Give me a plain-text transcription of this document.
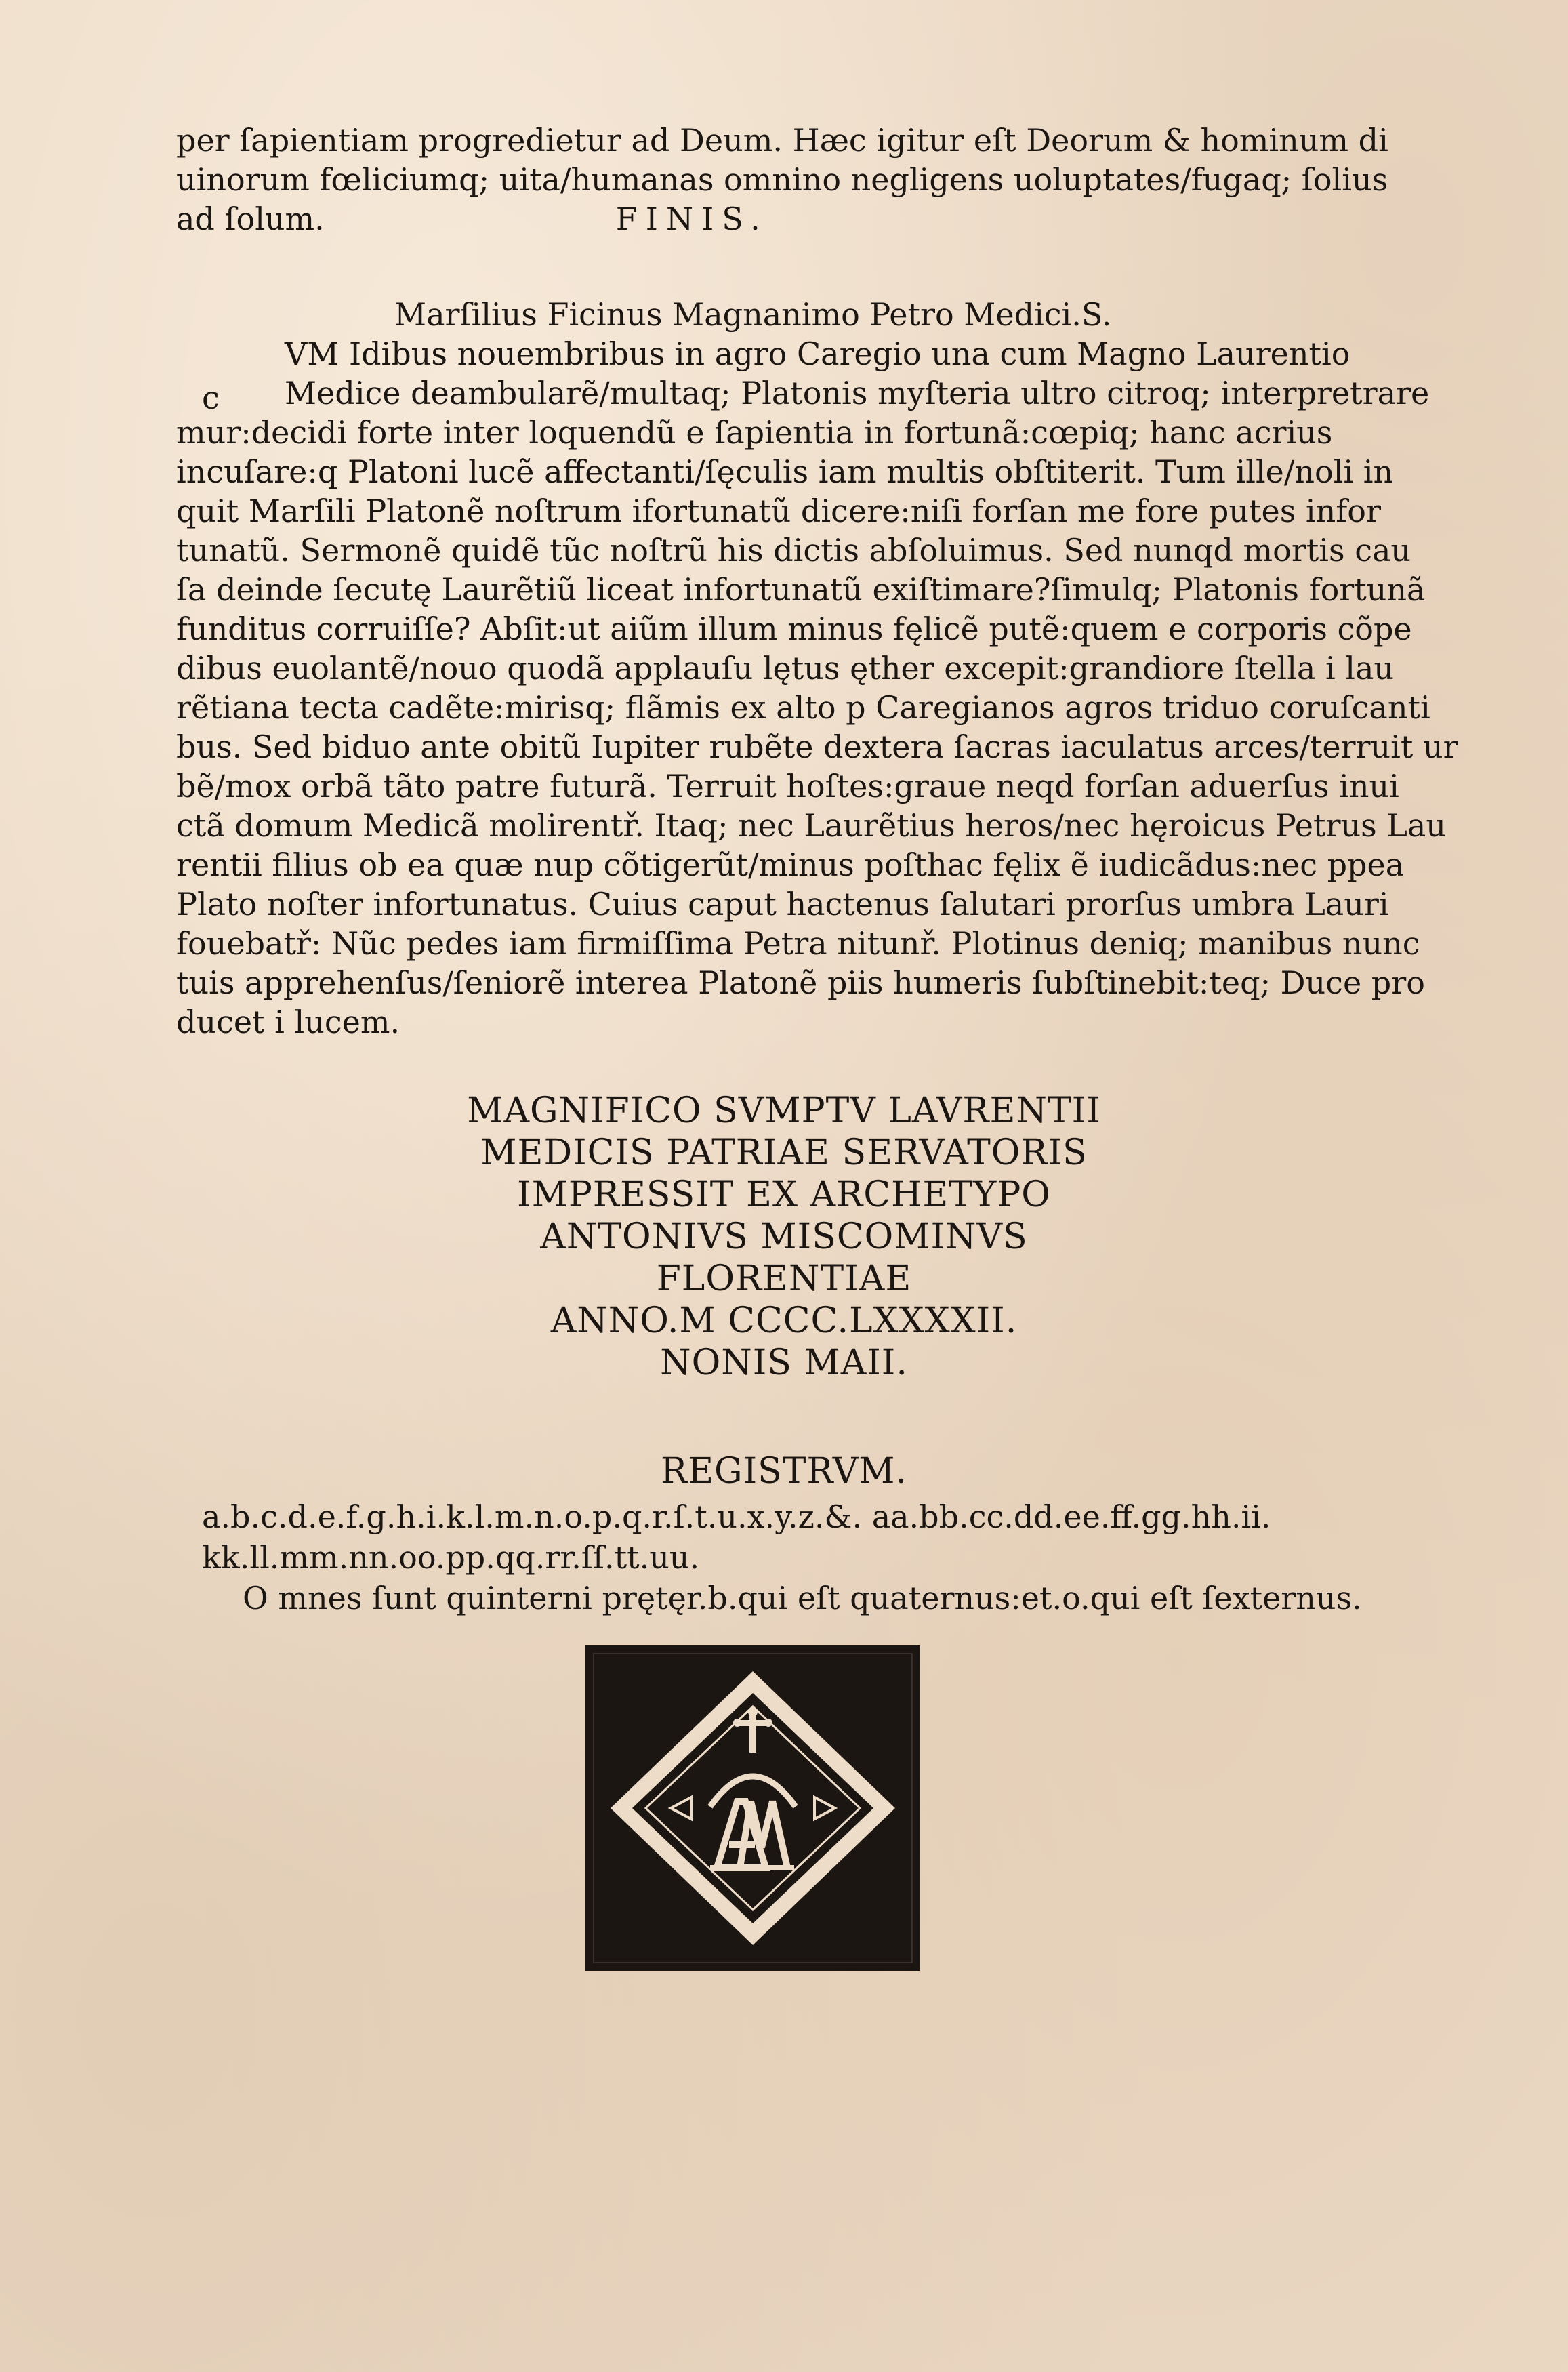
per ſapientiam progredietur ad Deum. Hæc igitur eſt Deorum & hominum di
uinorum fœliciumq; uita/humanas omnino negligens uoluptates/fugaq; ſolius
ad ſolum.	FINIS.
Marſilius Ficinus Magnanimo Petro Medici.S.
c
VM Idibus nouembribus in agro Caregio una cum Magno Laurentio
Medice deambularẽ/multaq; Platonis myſteria ultro citroq; interpretrare
mur:decidi forte inter loquendũ e ſapientia in fortunã:cœpiq; hanc acrius
incuſare:q Platoni lucẽ affectanti/ſęculis iam multis obſtiterit. Tum ille/noli in
quit Marſili Platonẽ noſtrum ifortunatũ dicere:niſi forſan me fore putes infor
tunatũ. Sermonẽ quidẽ tũc noſtrũ his dictis abſoluimus. Sed nunqd mortis cau
ſa deinde ſecutę Laurẽtiũ liceat infortunatũ exiſtimare?ſimulq; Platonis fortunã
funditus corruiſſe? Abſit:ut aiũm illum minus fęlicẽ putẽ:quem e corporis cõpe
dibus euolantẽ/nouo quodã applauſu lętus ęther excepit:grandiore ſtella i lau
rẽtiana tecta cadẽte:mirisq; flãmis ex alto p Caregianos agros triduo coruſcanti
bus. Sed biduo ante obitũ Iupiter rubẽte dextera ſacras iaculatus arces/terruit ur
bẽ/mox orbã tãto patre futurã. Terruit hoſtes:graue neqd forſan aduerſus inui
ctã domum Medicã molirentř. Itaq; nec Laurẽtius heros/nec hęroicus Petrus Lau
rentii filius ob ea quæ nup cõtigerũt/minus poſthac fęlix ẽ iudicãdus:nec ppea
Plato noſter infortunatus. Cuius caput hactenus ſalutari prorſus umbra Lauri
fouebatř: Nũc pedes iam firmiſſima Petra nitunř. Plotinus deniq; manibus nunc
tuis apprehenſus/ſeniorẽ interea Platonẽ piis humeris ſubſtinebit:teq; Duce pro
ducet i lucem.
MAGNIFICO SVMPTV LAVRENTII
MEDICIS PATRIAE SERVATORIS
IMPRESSIT EX ARCHETYPO
ANTONIVS MISCOMINVS
FLORENTIAE
ANNO.M CCCC.LXXXXII.
NONIS MAII.
REGISTRVM.
a.b.c.d.e.f.g.h.i.k.l.m.n.o.p.q.r.ſ.t.u.x.y.z.&. aa.bb.cc.dd.ee.ff.gg.hh.ii.
kk.ll.mm.nn.oo.pp.qq.rr.ſſ.tt.uu.
O mnes ſunt quinterni prętęr.b.qui eſt quaternus:et.o.qui eſt ſexternus.
